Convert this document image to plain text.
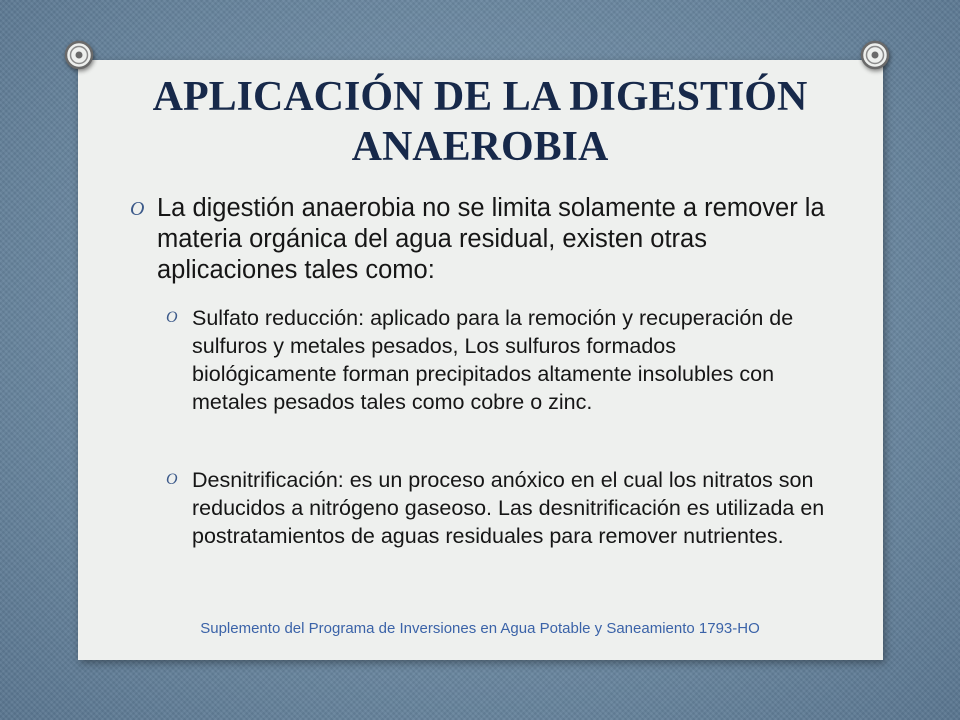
APLICACIÓN DE LA DIGESTIÓN
ANAEROBIA
O La digestión anaerobia no se limita solamente a remover la materia orgánica del agua residual, existen otras aplicaciones tales como:
O Sulfato reducción: aplicado para la remoción y recuperación de sulfuros y metales pesados, Los sulfuros formados biológicamente forman precipitados altamente insolubles con metales pesados tales como cobre o zinc.
O Desnitrificación: es un proceso anóxico en el cual los nitratos son reducidos a nitrógeno gaseoso. Las desnitrificación es utilizada en postratamientos de aguas residuales para remover nutrientes.
Suplemento del Programa de Inversiones en Agua Potable y Saneamiento 1793-HO
